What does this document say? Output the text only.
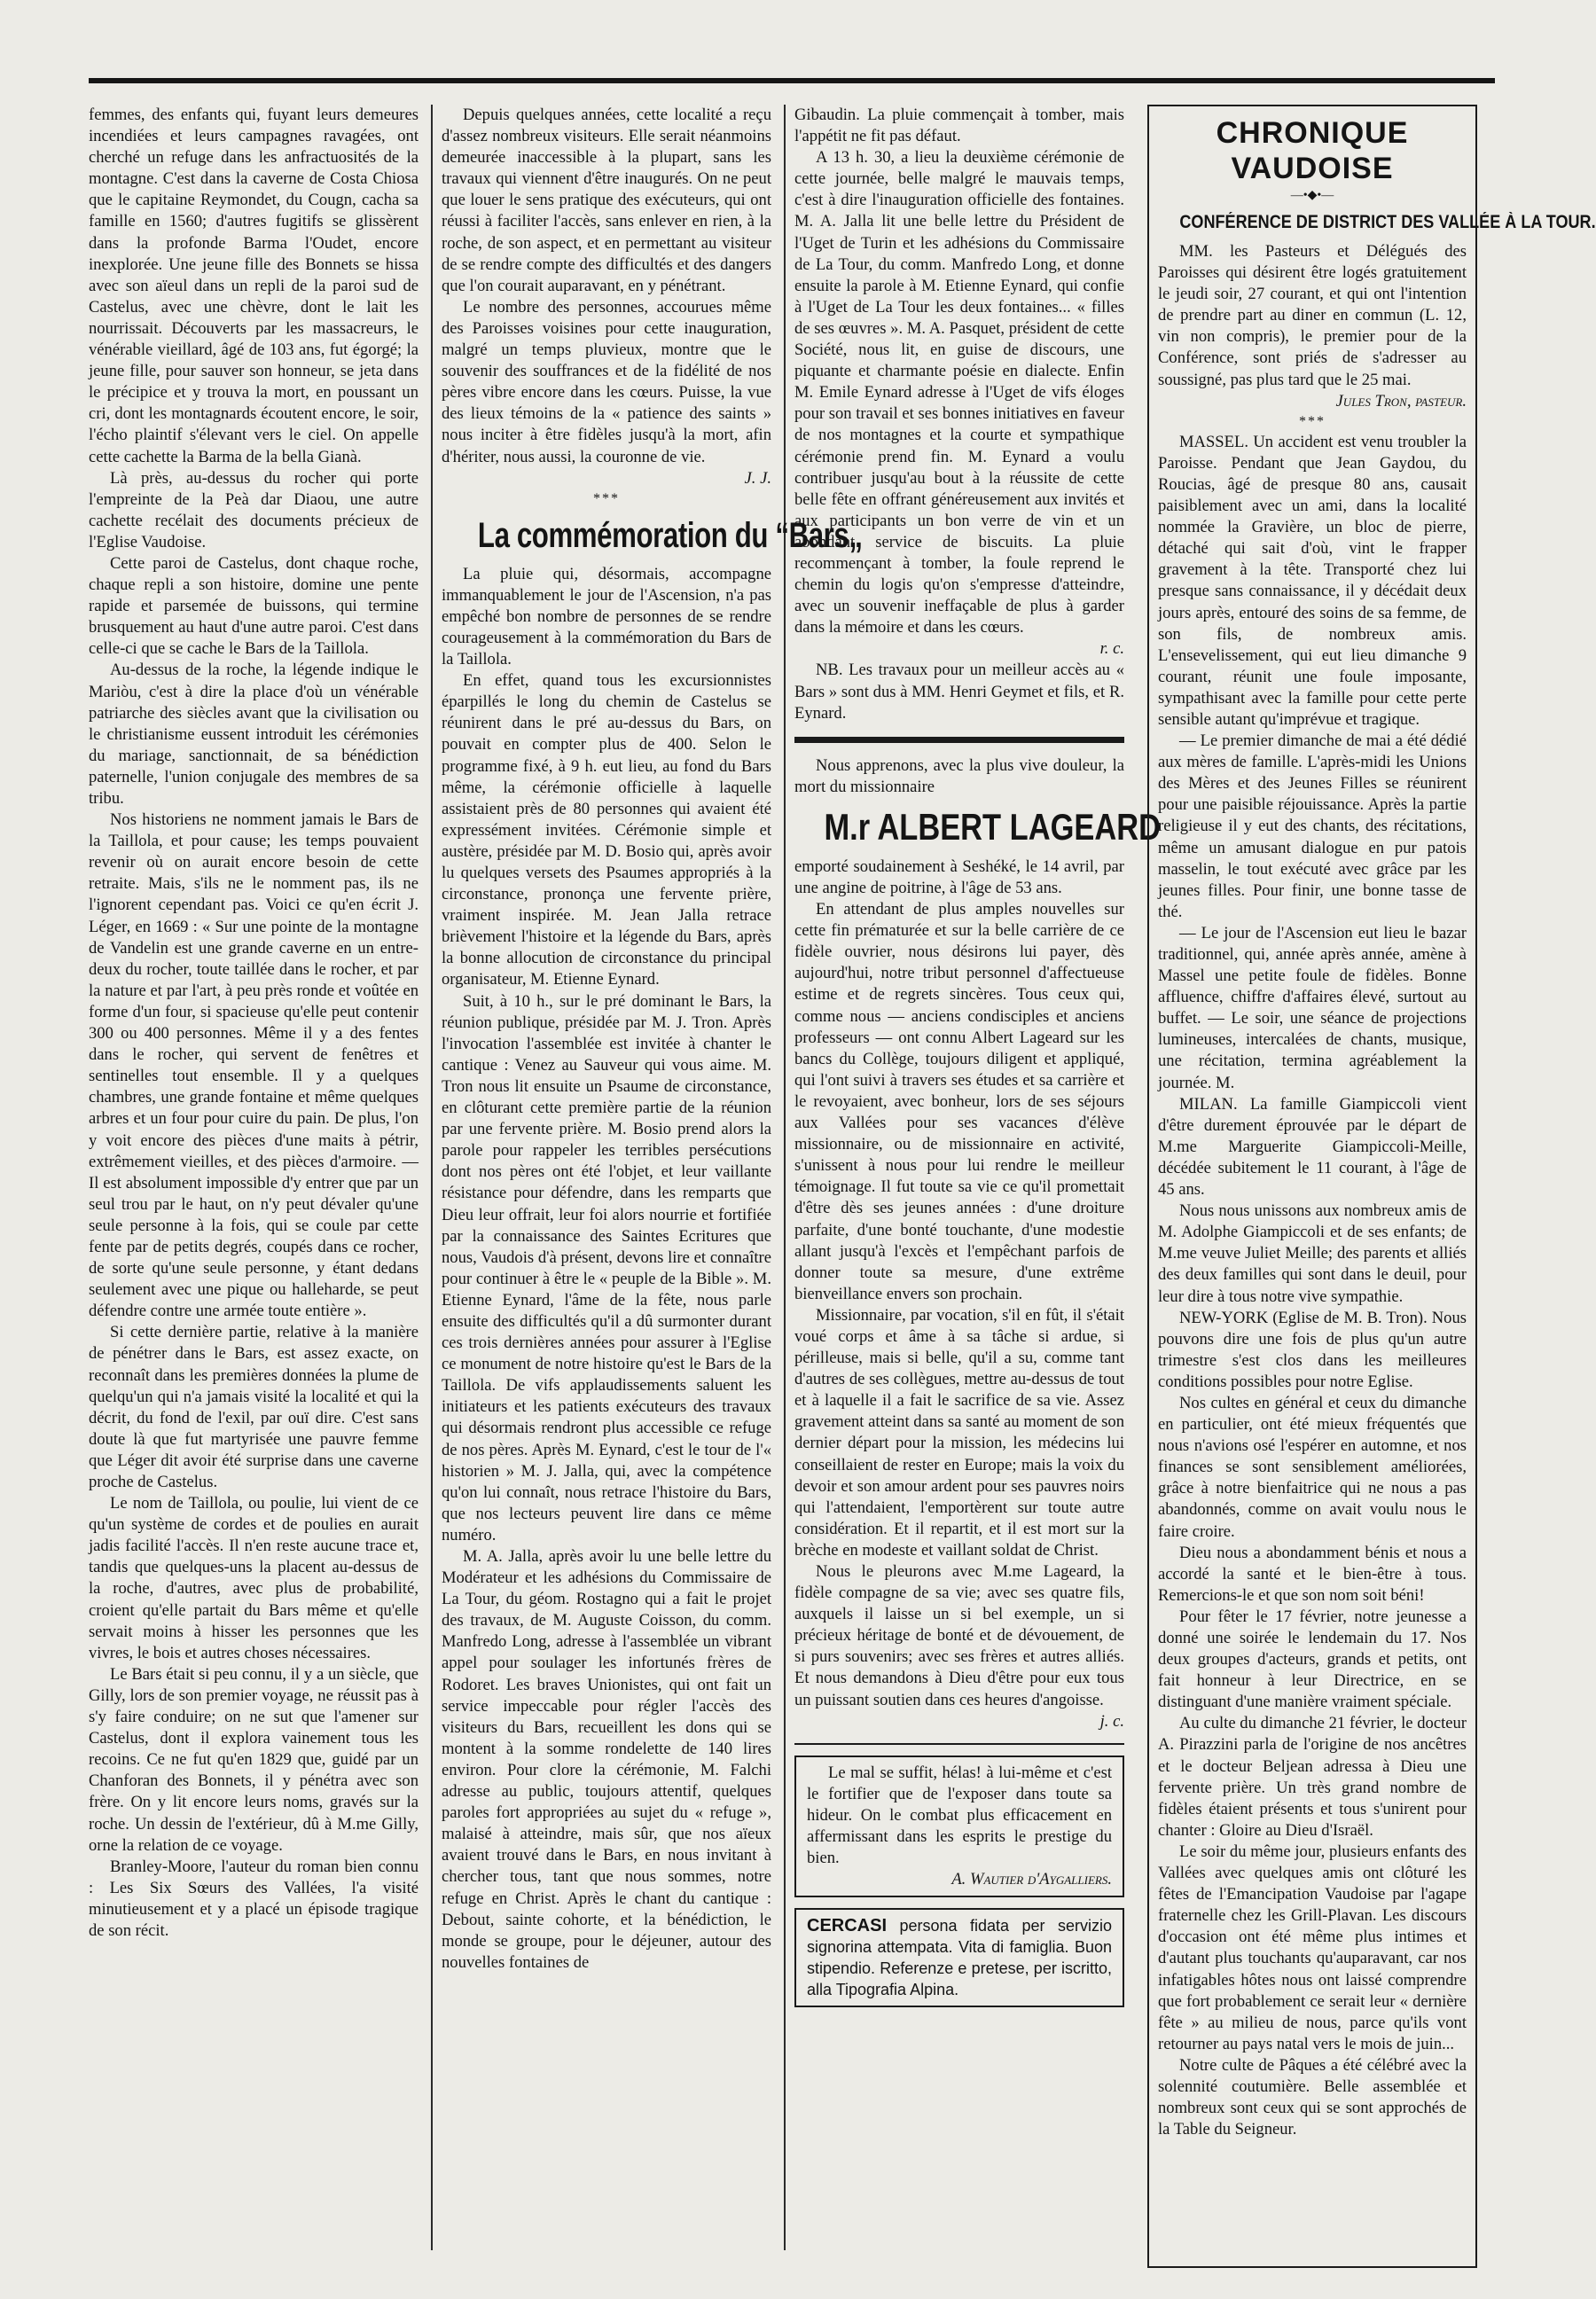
femmes, des enfants qui, fuyant leurs demeures incendiées et leurs campagnes ravagées, ont cherché un refuge dans les anfractuosités de la montagne. C'est dans la caverne de Costa Chiosa que le capitaine Reymondet, du Cougn, cacha sa famille en 1560; d'autres fugitifs se glissèrent dans la profonde Barma l'Oudet, encore inexplorée. Une jeune fille des Bonnets se hissa avec son aïeul dans un repli de la paroi sud de Castelus, avec une chèvre, dont le lait les nourrissait. Découverts par les massacreurs, le vénérable vieillard, âgé de 103 ans, fut égorgé; la jeune fille, pour sauver son honneur, se jeta dans le précipice et y trouva la mort, en poussant un cri, dont les montagnards écoutent encore, le soir, l'écho plaintif s'élevant vers le ciel. On appelle cette cachette la Barma de la bella Gianà.

Là près, au-dessus du rocher qui porte l'empreinte de la Peà dar Diaou, une autre cachette recélait des documents précieux de l'Eglise Vaudoise.

Cette paroi de Castelus, dont chaque roche, chaque repli a son histoire, domine une pente rapide et parsemée de buissons, qui termine brusquement au haut d'une autre paroi. C'est dans celle-ci que se cache le Bars de la Taillola.

Au-dessus de la roche, la légende indique le Mariòu, c'est à dire la place d'où un vénérable patriarche des siècles avant que la civilisation ou le christianisme eussent introduit les cérémonies du mariage, sanctionnait, de sa bénédiction paternelle, l'union conjugale des membres de sa tribu.

Nos historiens ne nomment jamais le Bars de la Taillola, et pour cause; les temps pouvaient revenir où on aurait encore besoin de cette retraite. Mais, s'ils ne le nomment pas, ils ne l'ignorent cependant pas. Voici ce qu'en écrit J. Léger, en 1669 : « Sur une pointe de la montagne de Vandelin est une grande caverne en un entre-deux du rocher, toute taillée dans le rocher, et par la nature et par l'art, à peu près ronde et voûtée en forme d'un four, si spacieuse qu'elle peut contenir 300 ou 400 personnes. Même il y a des fentes dans le rocher, qui servent de fenêtres et sentinelles tout ensemble. Il y a quelques chambres, une grande fontaine et même quelques arbres et un four pour cuire du pain. De plus, l'on y voit encore des pièces d'une maits à pétrir, extrêmement vieilles, et des pièces d'armoire. — Il est absolument impossible d'y entrer que par un seul trou par le haut, on n'y peut dévaler qu'une seule personne à la fois, qui se coule par cette fente par de petits degrés, coupés dans ce rocher, de sorte qu'une seule personne, y étant dedans seulement avec une pique ou halleharde, se peut défendre contre une armée toute entière ».

Si cette dernière partie, relative à la manière de pénétrer dans le Bars, est assez exacte, on reconnaît dans les premières données la plume de quelqu'un qui n'a jamais visité la localité et qui la décrit, du fond de l'exil, par ouï dire. C'est sans doute là que fut martyrisée une pauvre femme que Léger dit avoir été surprise dans une caverne proche de Castelus.

Le nom de Taillola, ou poulie, lui vient de ce qu'un système de cordes et de poulies en aurait jadis facilité l'accès. Il n'en reste aucune trace et, tandis que quelques-uns la placent au-dessus de la roche, d'autres, avec plus de probabilité, croient qu'elle partait du Bars même et qu'elle servait moins à hisser les personnes que les vivres, le bois et autres choses nécessaires.

Le Bars était si peu connu, il y a un siècle, que Gilly, lors de son premier voyage, ne réussit pas à s'y faire conduire; on ne sut que l'amener sur Castelus, dont il explora vainement tous les recoins. Ce ne fut qu'en 1829 que, guidé par un Chanforan des Bonnets, il y pénétra avec son frère. On y lit encore leurs noms, gravés sur la roche. Un dessin de l'extérieur, dû à M.me Gilly, orne la relation de ce voyage.

Branley-Moore, l'auteur du roman bien connu : Les Six Sœurs des Vallées, l'a visité minutieusement et y a placé un épisode tragique de son récit.

Depuis quelques années, cette localité a reçu d'assez nombreux visiteurs. Elle serait néanmoins demeurée inaccessible à la plupart, sans les travaux qui viennent d'être inaugurés. On ne peut que louer le sens pratique des exécuteurs, qui ont réussi à faciliter l'accès, sans enlever en rien, à la roche, de son aspect, et en permettant au visiteur de se rendre compte des difficultés et des dangers que l'on courait auparavant, en y pénétrant.

Le nombre des personnes, accourues même des Paroisses voisines pour cette inauguration, malgré un temps pluvieux, montre que le souvenir des souffrances et de la fidélité de nos pères vibre encore dans les cœurs. Puisse, la vue des lieux témoins de la « patience des saints » nous inciter à être fidèles jusqu'à la mort, afin d'hériter, nous aussi, la couronne de vie.

J. J.
***
La commémoration du “Bars„

La pluie qui, désormais, accompagne immanquablement le jour de l'Ascension, n'a pas empêché bon nombre de personnes de se rendre courageusement à la commémoration du Bars de la Taillola.

En effet, quand tous les excursionnistes éparpillés le long du chemin de Castelus se réunirent dans le pré au-dessus du Bars, on pouvait en compter plus de 400. Selon le programme fixé, à 9 h. eut lieu, au fond du Bars même, la cérémonie officielle à laquelle assistaient près de 80 personnes qui avaient été expressément invitées. Cérémonie simple et austère, présidée par M. D. Bosio qui, après avoir lu quelques versets des Psaumes appropriés à la circonstance, prononça une fervente prière, vraiment inspirée. M. Jean Jalla retrace brièvement l'histoire et la légende du Bars, après la bonne allocution de circonstance du principal organisateur, M. Etienne Eynard.

Suit, à 10 h., sur le pré dominant le Bars, la réunion publique, présidée par M. J. Tron. Après l'invocation l'assemblée est invitée à chanter le cantique : Venez au Sauveur qui vous aime. M. Tron nous lit ensuite un Psaume de circonstance, en clôturant cette première partie de la réunion par une fervente prière. M. Bosio prend alors la parole pour rappeler les terribles persécutions dont nos pères ont été l'objet, et leur vaillante résistance pour défendre, dans les remparts que Dieu leur offrait, leur foi alors nourrie et fortifiée par la connaissance des Saintes Ecritures que nous, Vaudois d'à présent, devons lire et connaître pour continuer à être le « peuple de la Bible ». M. Etienne Eynard, l'âme de la fête, nous parle ensuite des difficultés qu'il a dû surmonter durant ces trois dernières années pour assurer à l'Eglise ce monument de notre histoire qu'est le Bars de la Taillola. De vifs applaudissements saluent les initiateurs et les patients exécuteurs des travaux qui désormais rendront plus accessible ce refuge de nos pères. Après M. Eynard, c'est le tour de l'« historien » M. J. Jalla, qui, avec la compétence qu'on lui connaît, nous retrace l'histoire du Bars, que nos lecteurs peuvent lire dans ce même numéro.

M. A. Jalla, après avoir lu une belle lettre du Modérateur et les adhésions du Commissaire de La Tour, du géom. Rostagno qui a fait le projet des travaux, de M. Auguste Coisson, du comm. Manfredo Long, adresse à l'assemblée un vibrant appel pour soulager les infortunés frères de Rodoret. Les braves Unionistes, qui ont fait un service impeccable pour régler l'accès des visiteurs du Bars, recueillent les dons qui se montent à la somme rondelette de 140 lires environ. Pour clore la cérémonie, M. Falchi adresse au public, toujours attentif, quelques paroles fort appropriées au sujet du « refuge », malaisé à atteindre, mais sûr, que nos aïeux avaient trouvé dans le Bars, en nous invitant à chercher tous, tant que nous sommes, notre refuge en Christ. Après le chant du cantique : Debout, sainte cohorte, et la bénédiction, le monde se groupe, pour le déjeuner, autour des nouvelles fontaines de

Gibaudin. La pluie commençait à tomber, mais l'appétit ne fit pas défaut.

A 13 h. 30, a lieu la deuxième cérémonie de cette journée, belle malgré le mauvais temps, c'est à dire l'inauguration officielle des fontaines. M. A. Jalla lit une belle lettre du Président de l'Uget de Turin et les adhésions du Commissaire de La Tour, du comm. Manfredo Long, et donne ensuite la parole à M. Etienne Eynard, qui confie à l'Uget de La Tour les deux fontaines... « filles de ses œuvres ». M. A. Pasquet, président de cette Société, nous lit, en guise de discours, une piquante et charmante poésie en dialecte. Enfin M. Emile Eynard adresse à l'Uget de vifs éloges pour son travail et ses bonnes initiatives en faveur de nos montagnes et la courte et sympathique cérémonie prend fin. M. Eynard a voulu contribuer jusqu'au bout à la réussite de cette belle fête en offrant généreusement aux invités et aux participants un bon verre de vin et un abondant service de biscuits. La pluie recommençant à tomber, la foule reprend le chemin du logis qu'on s'empresse d'atteindre, avec un souvenir ineffaçable de plus à garder dans la mémoire et dans les cœurs.

r. c.

NB. Les travaux pour un meilleur accès au « Bars » sont dus à MM. Henri Geymet et fils, et R. Eynard.

Nous apprenons, avec la plus vive douleur, la mort du missionnaire

M.r ALBERT LAGEARD

emporté soudainement à Seshéké, le 14 avril, par une angine de poitrine, à l'âge de 53 ans.

En attendant de plus amples nouvelles sur cette fin prématurée et sur la belle carrière de ce fidèle ouvrier, nous désirons lui payer, dès aujourd'hui, notre tribut personnel d'affectueuse estime et de regrets sincères. Tous ceux qui, comme nous — anciens condisciples et anciens professeurs — ont connu Albert Lageard sur les bancs du Collège, toujours diligent et appliqué, qui l'ont suivi à travers ses études et sa carrière et le revoyaient, avec bonheur, lors de ses séjours aux Vallées pour ses vacances d'élève missionnaire, ou de missionnaire en activité, s'unissent à nous pour lui rendre le meilleur témoignage. Il fut toute sa vie ce qu'il promettait d'être dès ses jeunes années : d'une droiture parfaite, d'une bonté touchante, d'une modestie allant jusqu'à l'excès et l'empêchant parfois de donner toute sa mesure, d'une extrême bienveillance envers son prochain.

Missionnaire, par vocation, s'il en fût, il s'était voué corps et âme à sa tâche si ardue, si périlleuse, mais si belle, qu'il a su, comme tant d'autres de ses collègues, mettre au-dessus de tout et à laquelle il a fait le sacrifice de sa vie. Assez gravement atteint dans sa santé au moment de son dernier départ pour la mission, les médecins lui conseillaient de rester en Europe; mais la voix du devoir et son amour ardent pour ses pauvres noirs qui l'attendaient, l'emportèrent sur toute autre considération. Et il repartit, et il est mort sur la brèche en modeste et vaillant soldat de Christ.

Nous le pleurons avec M.me Lageard, la fidèle compagne de sa vie; avec ses quatre fils, auxquels il laisse un si bel exemple, un si précieux héritage de bonté et de dévouement, de si purs souvenirs; avec ses frères et autres alliés. Et nous demandons à Dieu d'être pour eux tous un puissant soutien dans ces heures d'angoisse.

j. c.

Le mal se suffit, hélas! à lui-même et c'est le fortifier que de l'exposer dans toute sa hideur. On le combat plus efficacement en affermissant dans les esprits le prestige du bien.

A. Wautier d'Aygalliers.
CERCASI persona fidata per servizio signorina attempata. Vita di famiglia. Buon stipendio. Referenze e pretese, per iscritto, alla Tipografia Alpina.
CHRONIQUE VAUDOISE
—•◆•—
CONFÉRENCE DE DISTRICT DES VALLÉE À LA TOUR.

MM. les Pasteurs et Délégués des Paroisses qui désirent être logés gratuitement le jeudi soir, 27 courant, et qui ont l'intention de prendre part au diner en commun (L. 12, vin non compris), le premier pour de la Conférence, sont priés de s'adresser au soussigné, pas plus tard que le 25 mai.

Jules Tron, pasteur.
***

MASSEL. Un accident est venu troubler la Paroisse. Pendant que Jean Gaydou, du Roucias, âgé de presque 80 ans, causait paisiblement avec un ami, dans la localité nommée la Gravière, un bloc de pierre, détaché qui sait d'où, vint le frapper gravement à la tête. Transporté chez lui presque sans connaissance, il y décédait deux jours après, entouré des soins de sa femme, de son fils, de nombreux amis. L'ensevelissement, qui eut lieu dimanche 9 courant, réunit une foule imposante, sympathisant avec la famille pour cette perte sensible autant qu'imprévue et tragique.

— Le premier dimanche de mai a été dédié aux mères de famille. L'après-midi les Unions des Mères et des Jeunes Filles se réunirent pour une paisible réjouissance. Après la partie religieuse il y eut des chants, des récitations, même un amusant dialogue en pur patois masselin, le tout exécuté avec grâce par les jeunes filles. Pour finir, une bonne tasse de thé.

— Le jour de l'Ascension eut lieu le bazar traditionnel, qui, année après année, amène à Massel une petite foule de fidèles. Bonne affluence, chiffre d'affaires élevé, surtout au buffet. — Le soir, une séance de projections lumineuses, intercalées de chants, musique, une récitation, termina agréablement la journée. M.

MILAN. La famille Giampiccoli vient d'être durement éprouvée par le départ de M.me Marguerite Giampiccoli-Meille, décédée subitement le 11 courant, à l'âge de 45 ans.

Nous nous unissons aux nombreux amis de M. Adolphe Giampiccoli et de ses enfants; de M.me veuve Juliet Meille; des parents et alliés des deux familles qui sont dans le deuil, pour leur dire à tous notre vive sympathie.

NEW-YORK (Eglise de M. B. Tron). Nous pouvons dire une fois de plus qu'un autre trimestre s'est clos dans les meilleures conditions possibles pour notre Eglise.

Nos cultes en général et ceux du dimanche en particulier, ont été mieux fréquentés que nous n'avions osé l'espérer en automne, et nos finances se sont sensiblement améliorées, grâce à notre bienfaitrice qui ne nous a pas abandonnés, comme on avait voulu nous le faire croire.

Dieu nous a abondamment bénis et nous a accordé la santé et le bien-être à tous. Remercions-le et que son nom soit béni!

Pour fêter le 17 février, notre jeunesse a donné une soirée le lendemain du 17. Nos deux groupes d'acteurs, grands et petits, ont fait honneur à leur Directrice, en se distinguant d'une manière vraiment spéciale.

Au culte du dimanche 21 février, le docteur A. Pirazzini parla de l'origine de nos ancêtres et le docteur Beljean adressa à Dieu une fervente prière. Un très grand nombre de fidèles étaient présents et tous s'unirent pour chanter : Gloire au Dieu d'Israël.

Le soir du même jour, plusieurs enfants des Vallées avec quelques amis ont clôturé les fêtes de l'Emancipation Vaudoise par l'agape fraternelle chez les Grill-Plavan. Les discours d'occasion ont été même plus intimes et d'autant plus touchants qu'auparavant, car nos infatigables hôtes nous ont laissé comprendre que fort probablement ce serait leur « dernière fête » au milieu de nous, parce qu'ils vont retourner au pays natal vers le mois de juin...

Notre culte de Pâques a été célébré avec la solennité coutumière. Belle assemblée et nombreux sont ceux qui se sont approchés de la Table du Seigneur.
